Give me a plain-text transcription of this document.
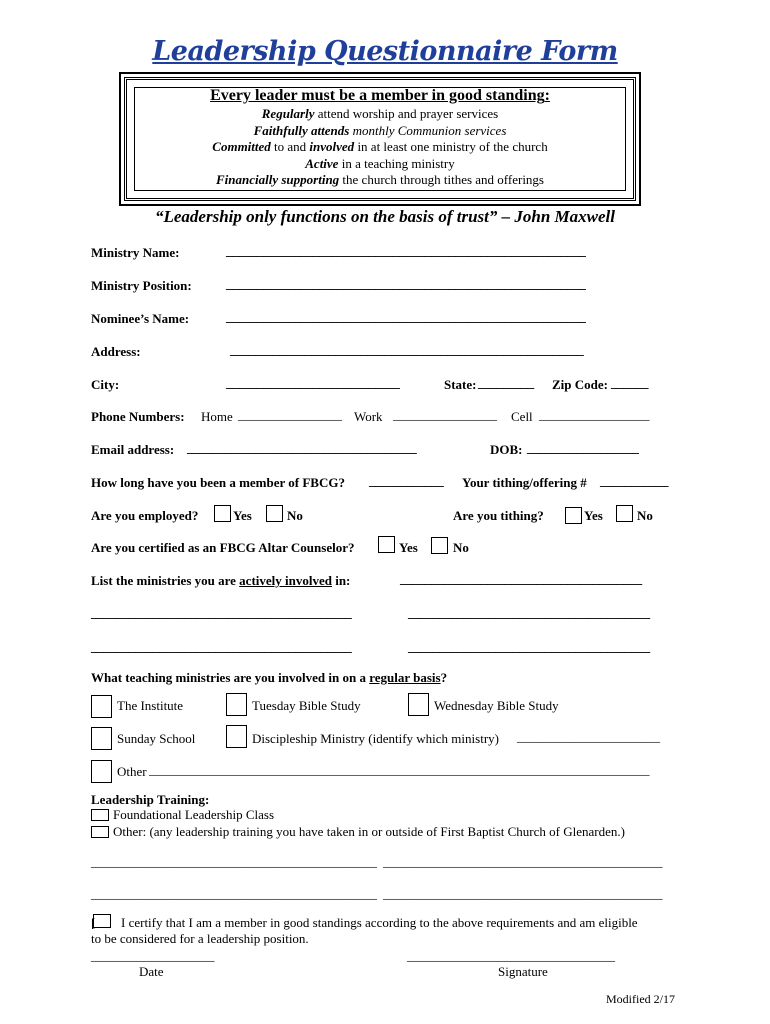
Leadership Questionnaire Form
Every leader must be a member in good standing:
Regularly attend worship and prayer services
Faithfully attends monthly Communion services
Committed to and involved in at least one ministry of the church
Active in a teaching ministry
Financially supporting the church through tithes and offerings
“Leadership only functions on the basis of trust” – John Maxwell
Ministry Name:	__________________________________________________________
Ministry Position:	__________________________________________________________
Nominee’s Name:	__________________________________________________________
Address:	_________________________________________________________
City:	____________________________	State: _________ Zip Code: ______
Phone Numbers: Home ________________ Work ________________ Cell _________________
Email address: _____________________________________	DOB: __________________
How long have you been a member of FBCG? ____________ Your tithing/offering # ___________
Are you employed?	Yes	No	Are you tithing?	Yes	No
Are you certified as an FBCG Altar Counselor?	Yes	No
List the ministries you are actively involved in:	_______________________________________
__________________________________________	_______________________________________
__________________________________________	_______________________________________
What teaching ministries are you involved in on a regular basis?
The Institute	Tuesday Bible Study	Wednesday Bible Study
Sunday School	Discipleship Ministry (identify which ministry) ______________________
Other _____________________________________________________________________________
Leadership Training:
Foundational Leadership Class
Other: (any leadership training you have taken in or outside of First Baptist Church of Glenarden.)
____________________________________________ ___________________________________________
____________________________________________ ___________________________________________
[	I certify that I am a member in good standings according to the above requirements and am eligible
to be considered for a leadership position.
___________________	________________________________
Date	Signature
Modified 2/17
